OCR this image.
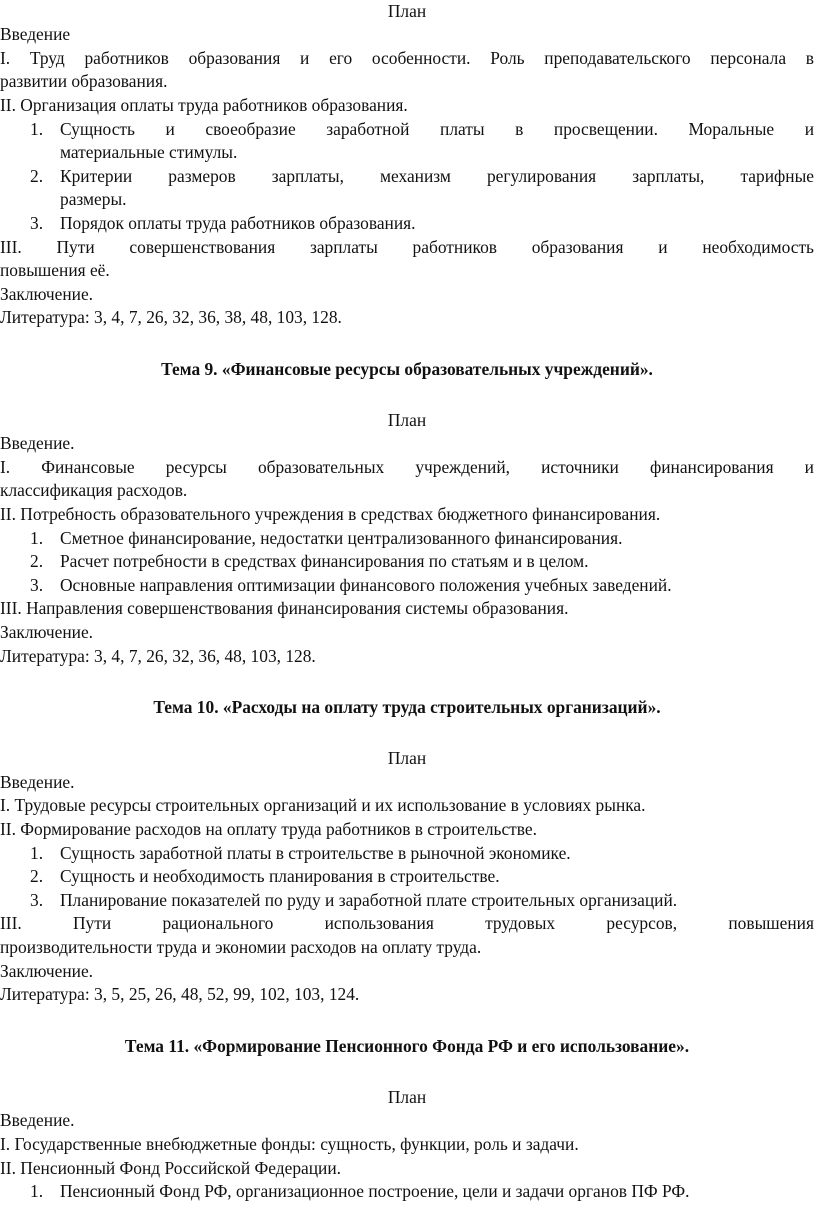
План
Введение
I. Труд работников образования и его особенности. Роль преподавательского персонала в
развитии образования.
II. Организация оплаты труда работников образования.
1. Сущность и своеобразие заработной платы в просвещении. Моральные и
материальные стимулы.
2. Критерии размеров зарплаты, механизм регулирования зарплаты, тарифные
размеры.
3. Порядок оплаты труда работников образования.
III. Пути совершенствования зарплаты работников образования и необходимость
повышения её.
Заключение.
Литература: 3, 4, 7, 26, 32, 36, 38, 48, 103, 128.
Тема 9. «Финансовые ресурсы образовательных учреждений».
План
Введение.
I. Финансовые ресурсы образовательных учреждений, источники финансирования и
классификация расходов.
II. Потребность образовательного учреждения в средствах бюджетного финансирования.
1. Сметное финансирование, недостатки централизованного финансирования.
2. Расчет потребности в средствах финансирования по статьям и в целом.
3. Основные направления оптимизации финансового положения учебных заведений.
III. Направления совершенствования финансирования системы образования.
Заключение.
Литература: 3, 4, 7, 26, 32, 36, 48, 103, 128.
Тема 10. «Расходы на оплату труда строительных организаций».
План
Введение.
I. Трудовые ресурсы строительных организаций и их использование в условиях рынка.
II. Формирование расходов на оплату труда работников в строительстве.
1. Сущность заработной платы в строительстве в рыночной экономике.
2. Сущность и необходимость планирования в строительстве.
3. Планирование показателей по руду и заработной плате строительных организаций.
III. Пути рационального использования трудовых ресурсов, повышения
производительности труда и экономии расходов на оплату труда.
Заключение.
Литература: 3, 5, 25, 26, 48, 52, 99, 102, 103, 124.
Тема 11. «Формирование Пенсионного Фонда РФ и его использование».
План
Введение.
I. Государственные внебюджетные фонды: сущность, функции, роль и задачи.
II. Пенсионный Фонд Российской Федерации.
1. Пенсионный Фонд РФ, организационное построение, цели и задачи органов ПФ РФ.
